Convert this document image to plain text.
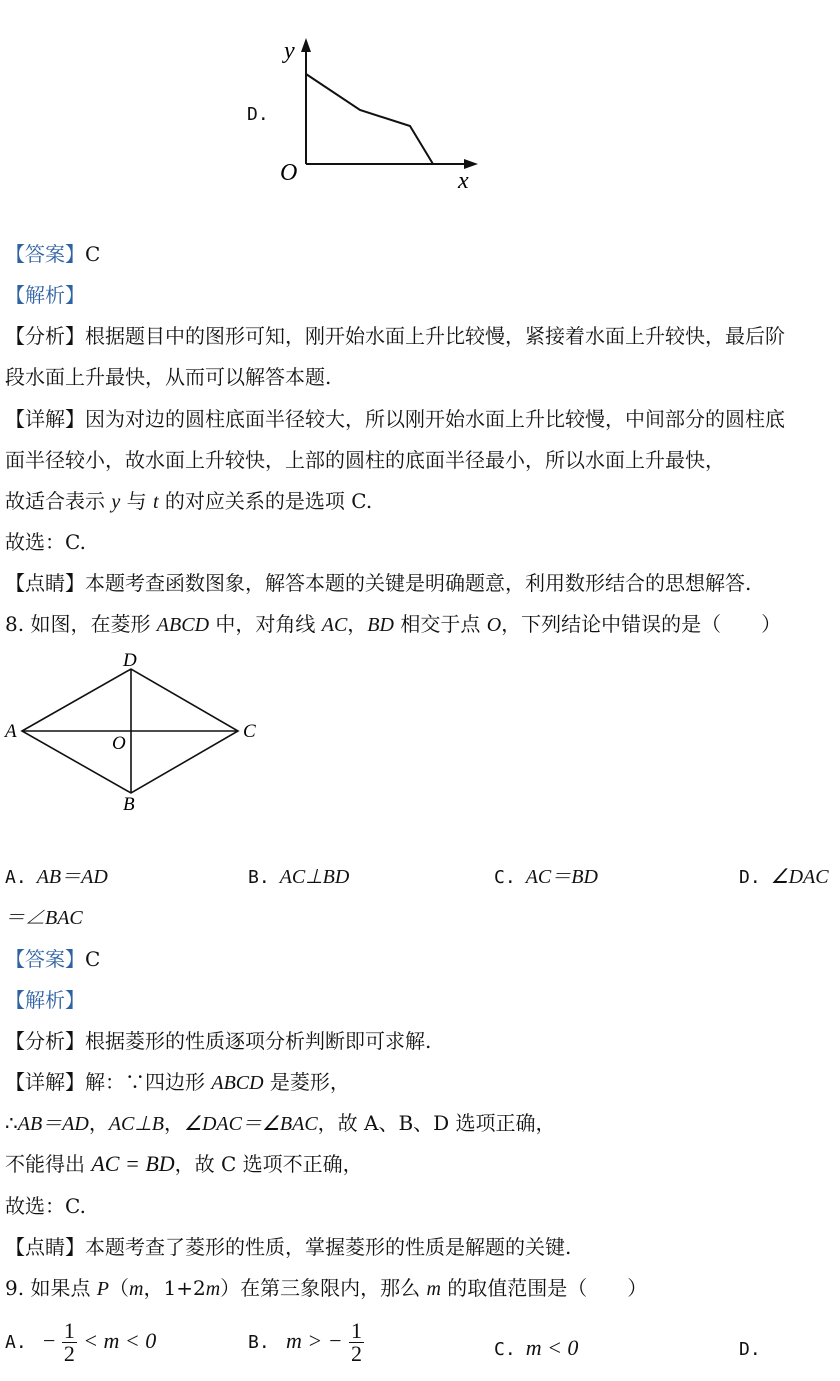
D.
y
x
O
【答案】C
【解析】
【分析】根据题目中的图形可知，刚开始水面上升比较慢，紧接着水面上升较快，最后阶
段水面上升最快，从而可以解答本题.
【详解】因为对边的圆柱底面半径较大，所以刚开始水面上升比较慢，中间部分的圆柱底
面半径较小，故水面上升较快，上部的圆柱的底面半径最小，所以水面上升最快，
故适合表示 y 与 t 的对应关系的是选项 C.
故选：C.
【点睛】本题考查函数图象，解答本题的关键是明确题意，利用数形结合的思想解答.
8. 如图，在菱形 ABCD 中，对角线 AC，BD 相交于点 O，下列结论中错误的是（　　）
D
A	C
B
O
A. AB＝AD	B. AC⊥BD	C. AC＝BD	D. ∠DAC
＝∠BAC
【答案】C
【解析】
【分析】根据菱形的性质逐项分析判断即可求解.
【详解】解：∵四边形 ABCD 是菱形，
∴AB＝AD，AC⊥B，∠DAC＝∠BAC，故 A、B、D 选项正确，
不能得出 AC = BD，故 C 选项不正确，
故选：C.
【点睛】本题考查了菱形的性质，掌握菱形的性质是解题的关键.
9. 如果点 P（m，1+2m）在第三象限内，那么 m 的取值范围是（　　）
A. − $\frac{1}{2} < m < 0$	B. m > − $\frac{1}{2}$	C. m < 0	D.
